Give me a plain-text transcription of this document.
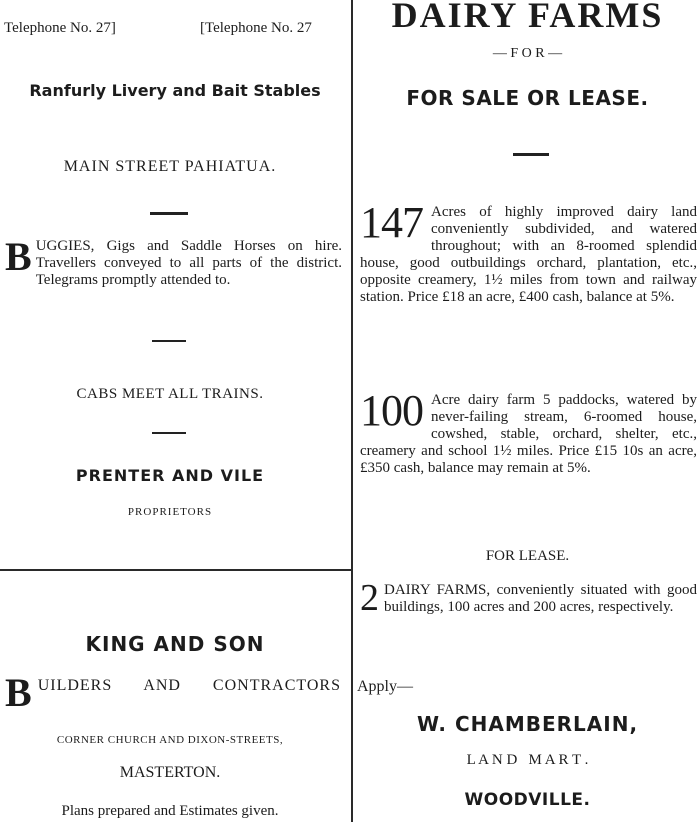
Telephone No. 27]	[Telephone No. 27
Ranfurly Livery and Bait Stables
MAIN STREET PAHIATUA.
BUGGIES, Gigs and Saddle Horses on hire. Travellers conveyed to all parts of the district. Telegrams promptly attended to.
CABS MEET ALL TRAINS.
PRENTER AND VILE
PROPRIETORS
KING AND SON
B UILDERS AND CONTRACTORS
CORNER CHURCH AND DIXON-STREETS,
MASTERTON.
Plans prepared and Estimates given.
DAIRY FARMS
— F O R —
FOR SALE OR LEASE.
147 Acres of highly improved dairy land conveniently subdivided, and watered throughout; with an 8-roomed splendid house, good outbuildings orchard, plantation, etc., opposite creamery, 1½ miles from town and railway station. Price £18 an acre, £400 cash, balance at 5%.
100 Acre dairy farm 5 paddocks, watered by never-failing stream, 6-roomed house, cowshed, stable, orchard, shelter, etc., creamery and school 1½ miles. Price £15 10s an acre, £350 cash, balance may remain at 5%.
FOR LEASE.
2 DAIRY FARMS, conveniently situated with good buildings, 100 acres and 200 acres, respectively.
Apply—
W. CHAMBERLAIN,
L A N D   M A R T .
WOODVILLE.
